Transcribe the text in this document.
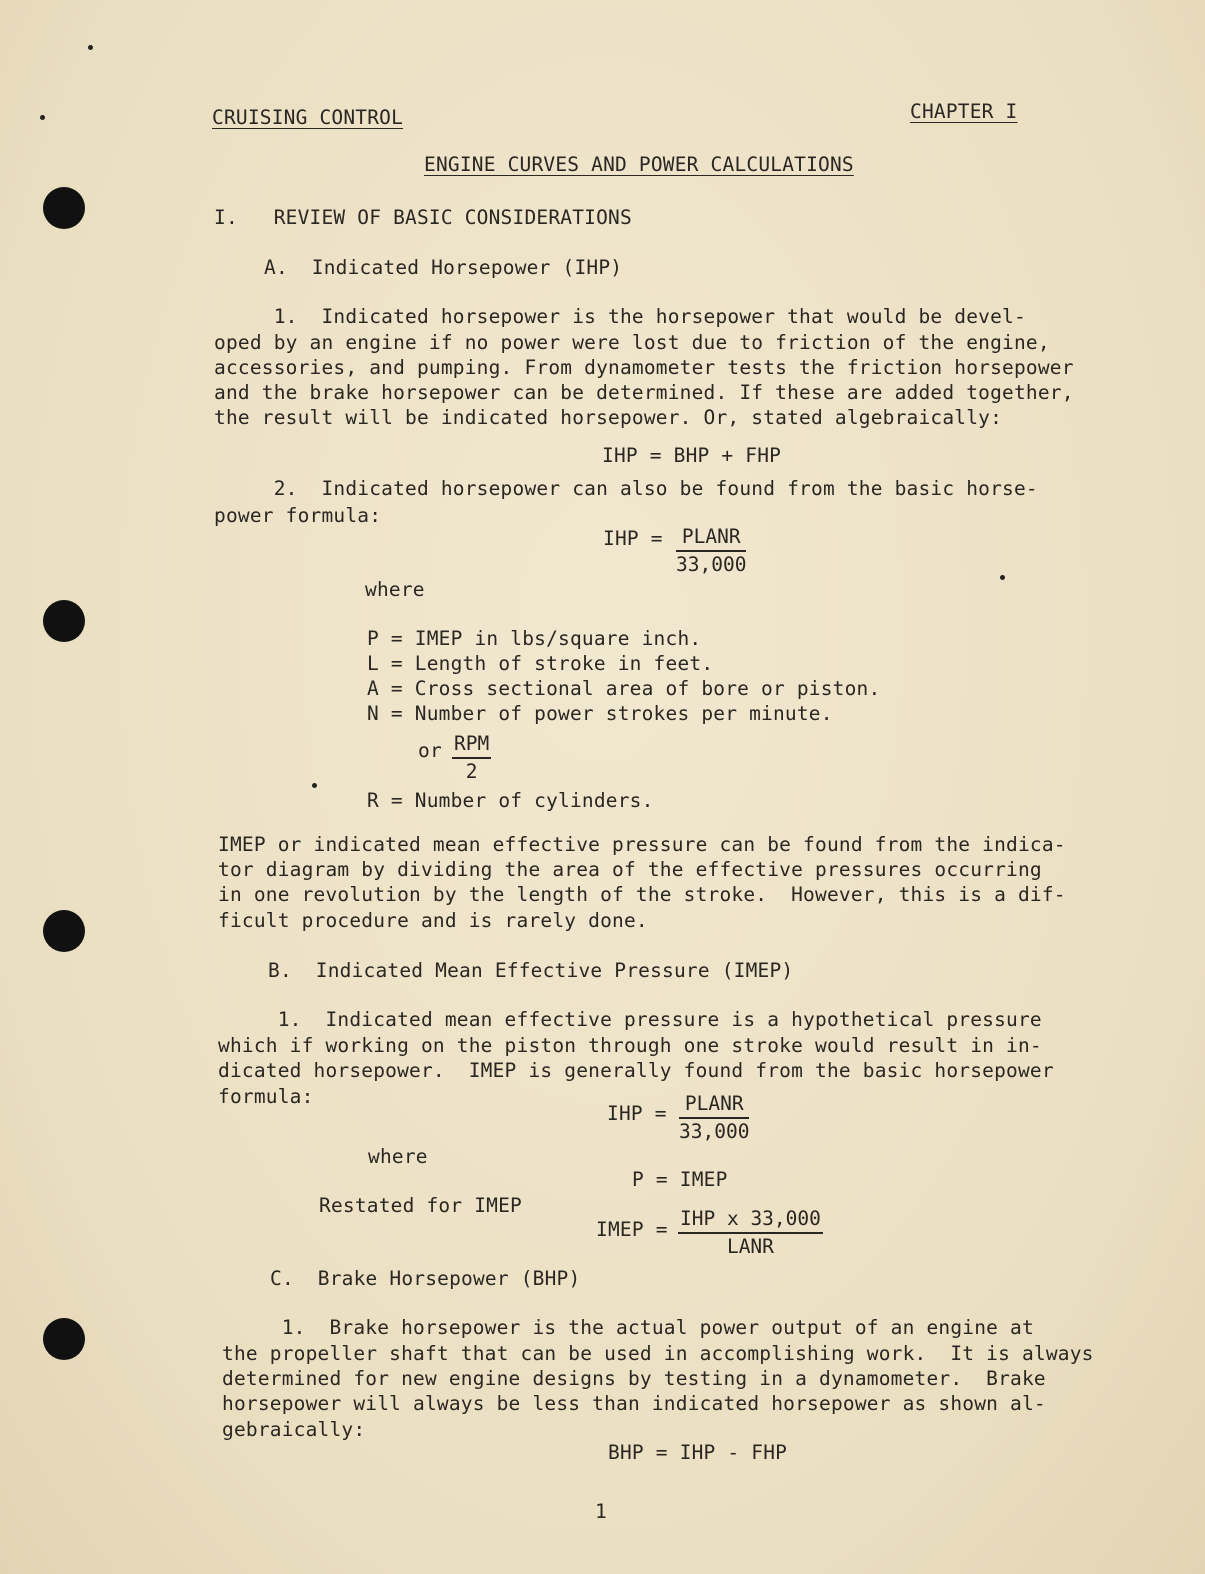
CRUISING CONTROL	CHAPTER I
ENGINE CURVES AND POWER CALCULATIONS
I.   REVIEW OF BASIC CONSIDERATIONS
A.  Indicated Horsepower (IHP)
1.  Indicated horsepower is the horsepower that would be devel-
oped by an engine if no power were lost due to friction of the engine,
accessories, and pumping. From dynamometer tests the friction horsepower
and the brake horsepower can be determined. If these are added together,
the result will be indicated horsepower. Or, stated algebraically:
IHP = BHP + FHP
2.  Indicated horsepower can also be found from the basic horse-
power formula:
IHP = PLANR
33,000
where
P = IMEP in lbs/square inch.
L = Length of stroke in feet.
A = Cross sectional area of bore or piston.
N = Number of power strokes per minute.
or RPM
2
R = Number of cylinders.
IMEP or indicated mean effective pressure can be found from the indica-
tor diagram by dividing the area of the effective pressures occurring
in one revolution by the length of the stroke.  However, this is a dif-
ficult procedure and is rarely done.
B.  Indicated Mean Effective Pressure (IMEP)
1.  Indicated mean effective pressure is a hypothetical pressure
which if working on the piston through one stroke would result in in-
dicated horsepower.  IMEP is generally found from the basic horsepower
formula:
IHP = PLANR
33,000
where
P = IMEP
Restated for IMEP
IMEP = IHP x 33,000
LANR
C.  Brake Horsepower (BHP)
1.  Brake horsepower is the actual power output of an engine at
the propeller shaft that can be used in accomplishing work.  It is always
determined for new engine designs by testing in a dynamometer.  Brake
horsepower will always be less than indicated horsepower as shown al-
gebraically:
BHP = IHP - FHP
1
